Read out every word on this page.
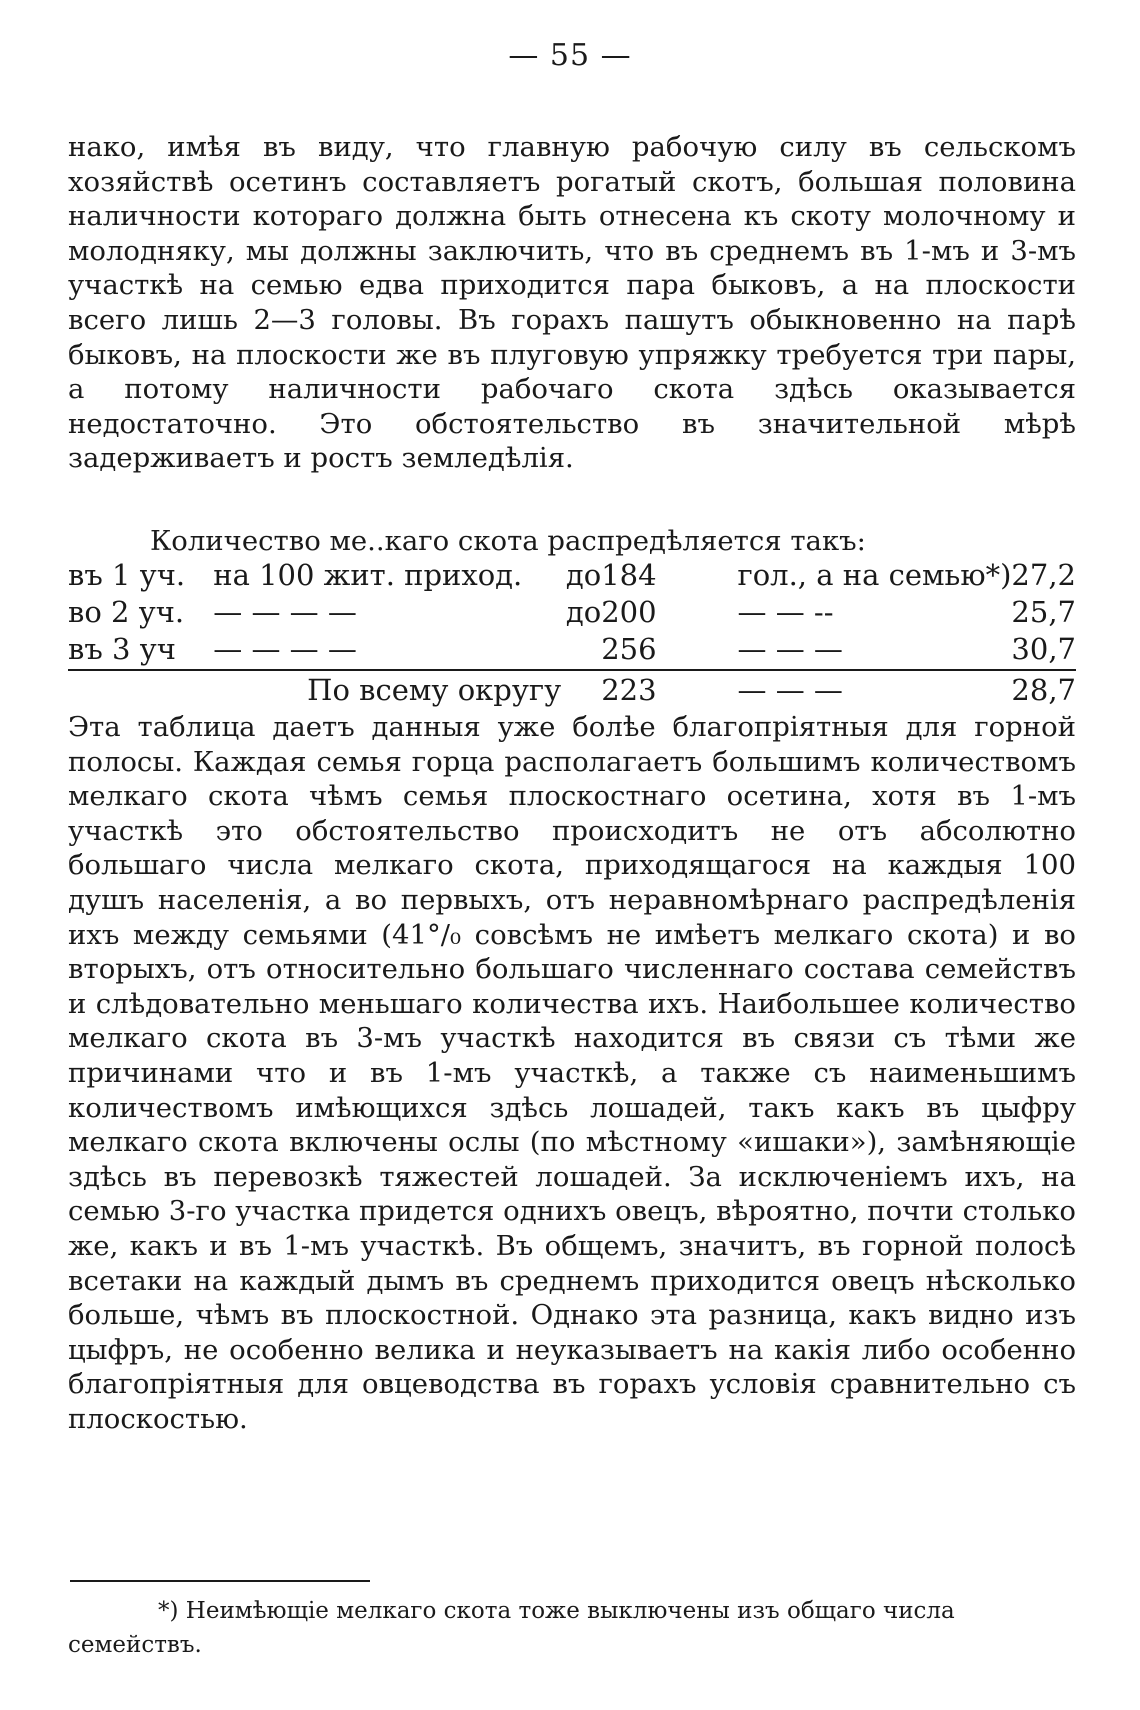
— 55 —

нако, имѣя въ виду, что главную рабочую силу въ сельскомъ хозяйствѣ осетинъ составляетъ рогатый скотъ, большая половина наличности котораго должна быть отнесена къ скоту молочному и молодняку, мы должны заключить, что въ среднемъ въ 1-мъ и 3-мъ участкѣ на семью едва приходится пара быковъ, а на плоскости всего лишь 2—3 головы. Въ горахъ пашутъ обыкновенно на парѣ быковъ, на плоскости же въ плуговую упряжку требуется три пары, а потому наличности рабочаго скота здѣсь оказывается недостаточно. Это обстоятельство въ значительной мѣрѣ задерживаетъ и ростъ земледѣлія.

Количество ме..каго скота распредѣляется такъ:
въ 1 уч.	на 100 жит. приход.	до	184	гол., а на семью*)	27,2
во 2 уч.	— — — —	до	200	— — --	25,7
въ 3 уч	— — — —		256	— — —	30,7
	По всему округу		223	— — —	28,7

Эта таблица даетъ данныя уже болѣе благопріятныя для горной полосы. Каждая семья горца располагаетъ большимъ количествомъ мелкаго скота чѣмъ семья плоскостнаго осетина, хотя въ 1-мъ участкѣ это обстоятельство происходитъ не отъ абсолютно большаго числа мелкаго скота, приходящагося на каждыя 100 душъ населенія, а во первыхъ, отъ неравномѣрнаго распредѣленія ихъ между семьями (41°/₀ совсѣмъ не имѣетъ мелкаго скота) и во вторыхъ, отъ относительно большаго численнаго состава семействъ и слѣдовательно меньшаго количества ихъ. Наибольшее количество мелкаго скота въ 3-мъ участкѣ находится въ связи съ тѣми же причинами что и въ 1-мъ участкѣ, а также съ наименьшимъ количествомъ имѣющихся здѣсь лошадей, такъ какъ въ цыфру мелкаго скота включены ослы (по мѣстному «ишаки»), замѣняющіе здѣсь въ перевозкѣ тяжестей лошадей. За исключеніемъ ихъ, на семью 3-го участка придется однихъ овецъ, вѣроятно, почти столько же, какъ и въ 1-мъ участкѣ. Въ общемъ, значитъ, въ горной полосѣ всетаки на каждый дымъ въ среднемъ приходится овецъ нѣсколько больше, чѣмъ въ плоскостной. Однако эта разница, какъ видно изъ цыфръ, не особенно велика и неуказываетъ на какія либо особенно благопріятныя для овцеводства въ горахъ условія сравнительно съ плоскостью.

*) Неимѣющіе мелкаго скота тоже выключены изъ общаго числа семействъ.
